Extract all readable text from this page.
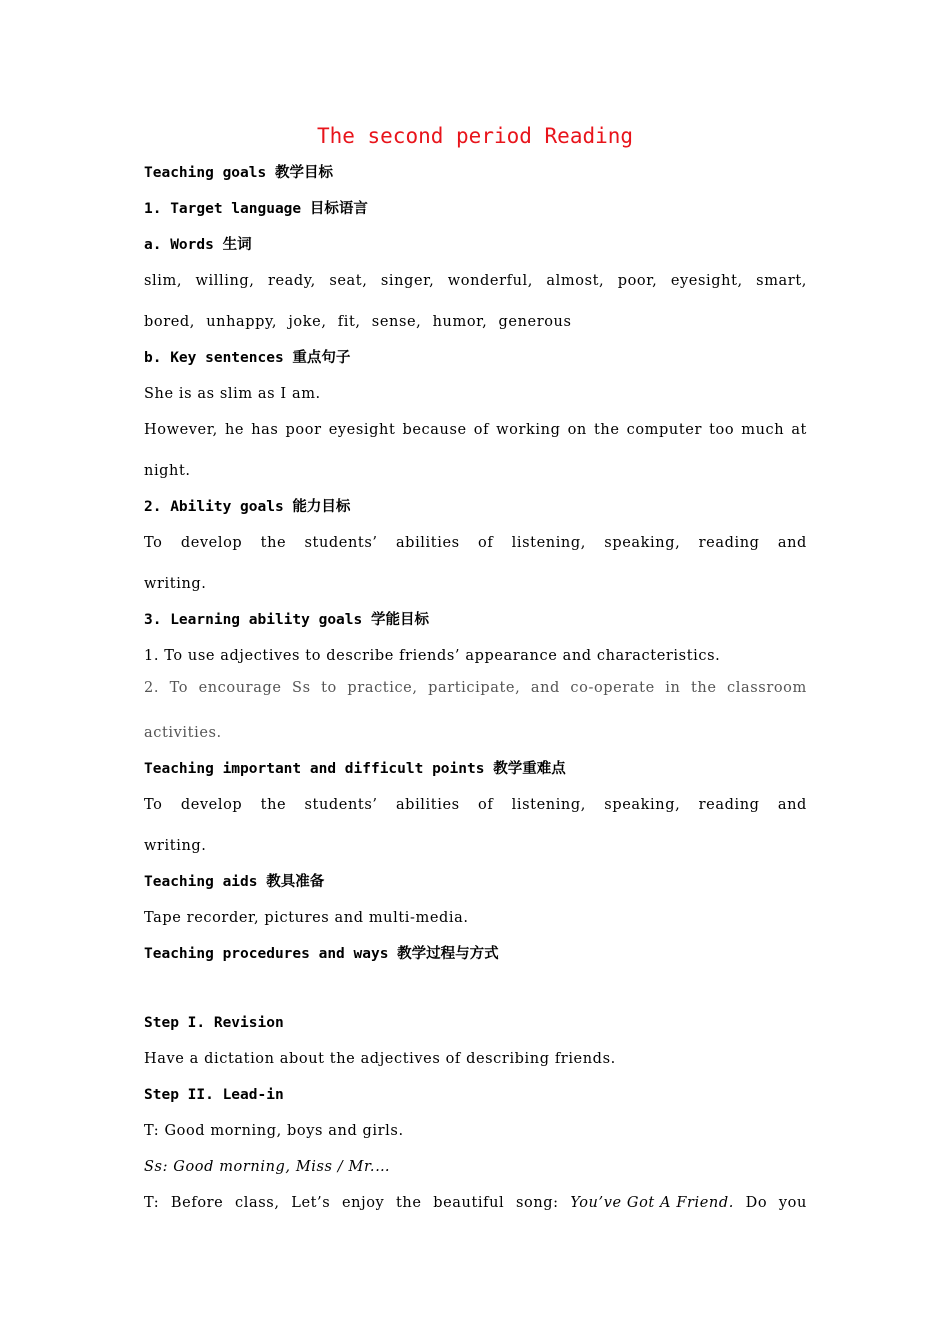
The second period Reading
Teaching goals 教学目标
1. Target language 目标语言
a. Words 生词
slim, willing, ready, seat, singer, wonderful, almost, poor, eyesight, smart,
bored, unhappy, joke, fit, sense, humor, generous
b. Key sentences 重点句子
She is as slim as I am.
However, he has poor eyesight because of working on the computer too much at
night.
2. Ability goals 能力目标
To develop the students’ abilities of listening, speaking, reading and
writing.
3. Learning ability goals 学能目标
1. To use adjectives to describe friends’ appearance and characteristics.
2. To encourage Ss to practice, participate, and co-operate in the classroom
activities.
Teaching important and difficult points 教学重难点
To develop the students’ abilities of listening, speaking, reading and
writing.
Teaching aids 教具准备
Tape recorder, pictures and multi-media.
Teaching procedures and ways 教学过程与方式
Step I. Revision
Have a dictation about the adjectives of describing friends.
Step II. Lead-in
T: Good morning, boys and girls.
Ss: Good morning, Miss / Mr.…
T: Before class, Let’s enjoy the beautiful song: You’ve Got A Friend. Do you
